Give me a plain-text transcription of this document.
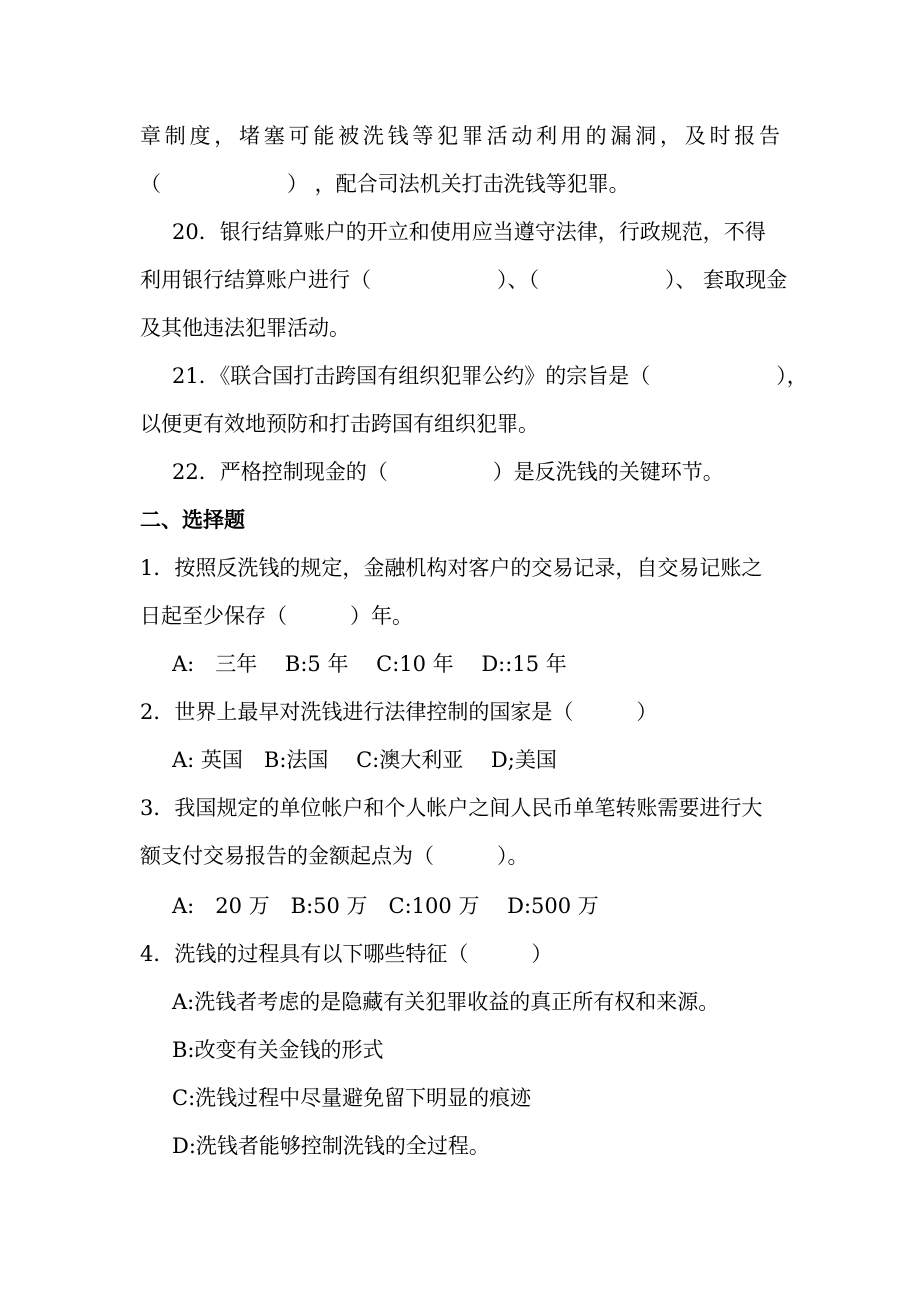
章制度，堵塞可能被洗钱等犯罪活动利用的漏洞，及时报告
（　　　　　　） ，配合司法机关打击洗钱等犯罪。
20．银行结算账户的开立和使用应当遵守法律，行政规范，不得
利用银行结算账户进行（　　　　　　）、（　　　　　　）、 套取现金
及其他违法犯罪活动。
21．《联合国打击跨国有组织犯罪公约》的宗旨是（　　　　　　），
以便更有效地预防和打击跨国有组织犯罪。
22．严格控制现金的（　　　　　）是反洗钱的关键环节。
二、选择题
1．按照反洗钱的规定，金融机构对客户的交易记录，自交易记账之
日起至少保存（　　　）年。
A:　三年　 B:5 年　 C:10 年　 D::15 年
2．世界上最早对洗钱进行法律控制的国家是（　　　）
A: 英国　B:法国　 C:澳大利亚　 D;美国
3．我国规定的单位帐户和个人帐户之间人民币单笔转账需要进行大
额支付交易报告的金额起点为（　　　）。
A:　20 万　B:50 万　C:100 万　 D:500 万
4．洗钱的过程具有以下哪些特征（　　　）
A:洗钱者考虑的是隐藏有关犯罪收益的真正所有权和来源。
B:改变有关金钱的形式
C:洗钱过程中尽量避免留下明显的痕迹
D:洗钱者能够控制洗钱的全过程。
